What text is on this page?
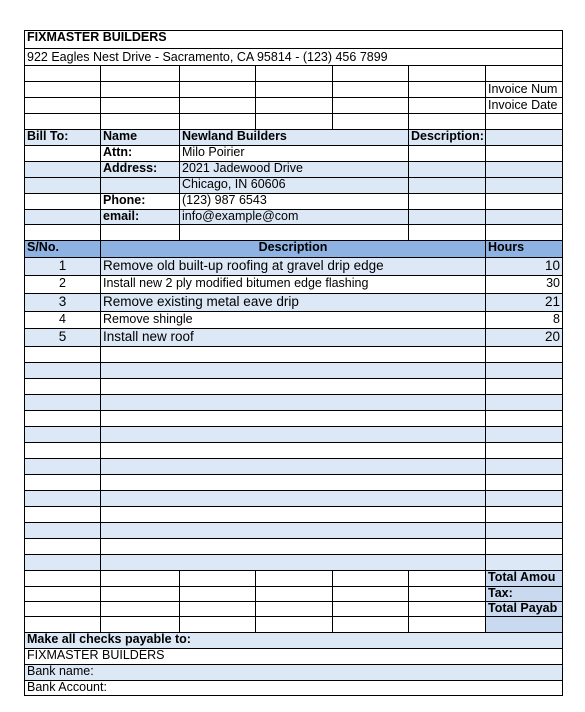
FIXMASTER BUILDERS
922 Eagles Nest Drive - Sacramento, CA 95814 - (123) 456 7899
Invoice Num
Invoice Date
Bill To:	Name	Newland Builders	Description:
Attn:	Milo Poirier
Address: 2021 Jadewood Drive
Chicago, IN 60606
Phone:	(123) 987 6543
email:	info@example@com
S/No.	Description	Hours
1	Remove old built-up roofing at gravel drip edge	10
2	Install new 2 ply modified bitumen edge flashing	30
3	Remove existing metal eave drip	21
4	Remove shingle	8
5	Install new roof	20
Total Amou
Tax:
Total Payab
Make all checks payable to:
FIXMASTER BUILDERS
Bank name:
Bank Account:
